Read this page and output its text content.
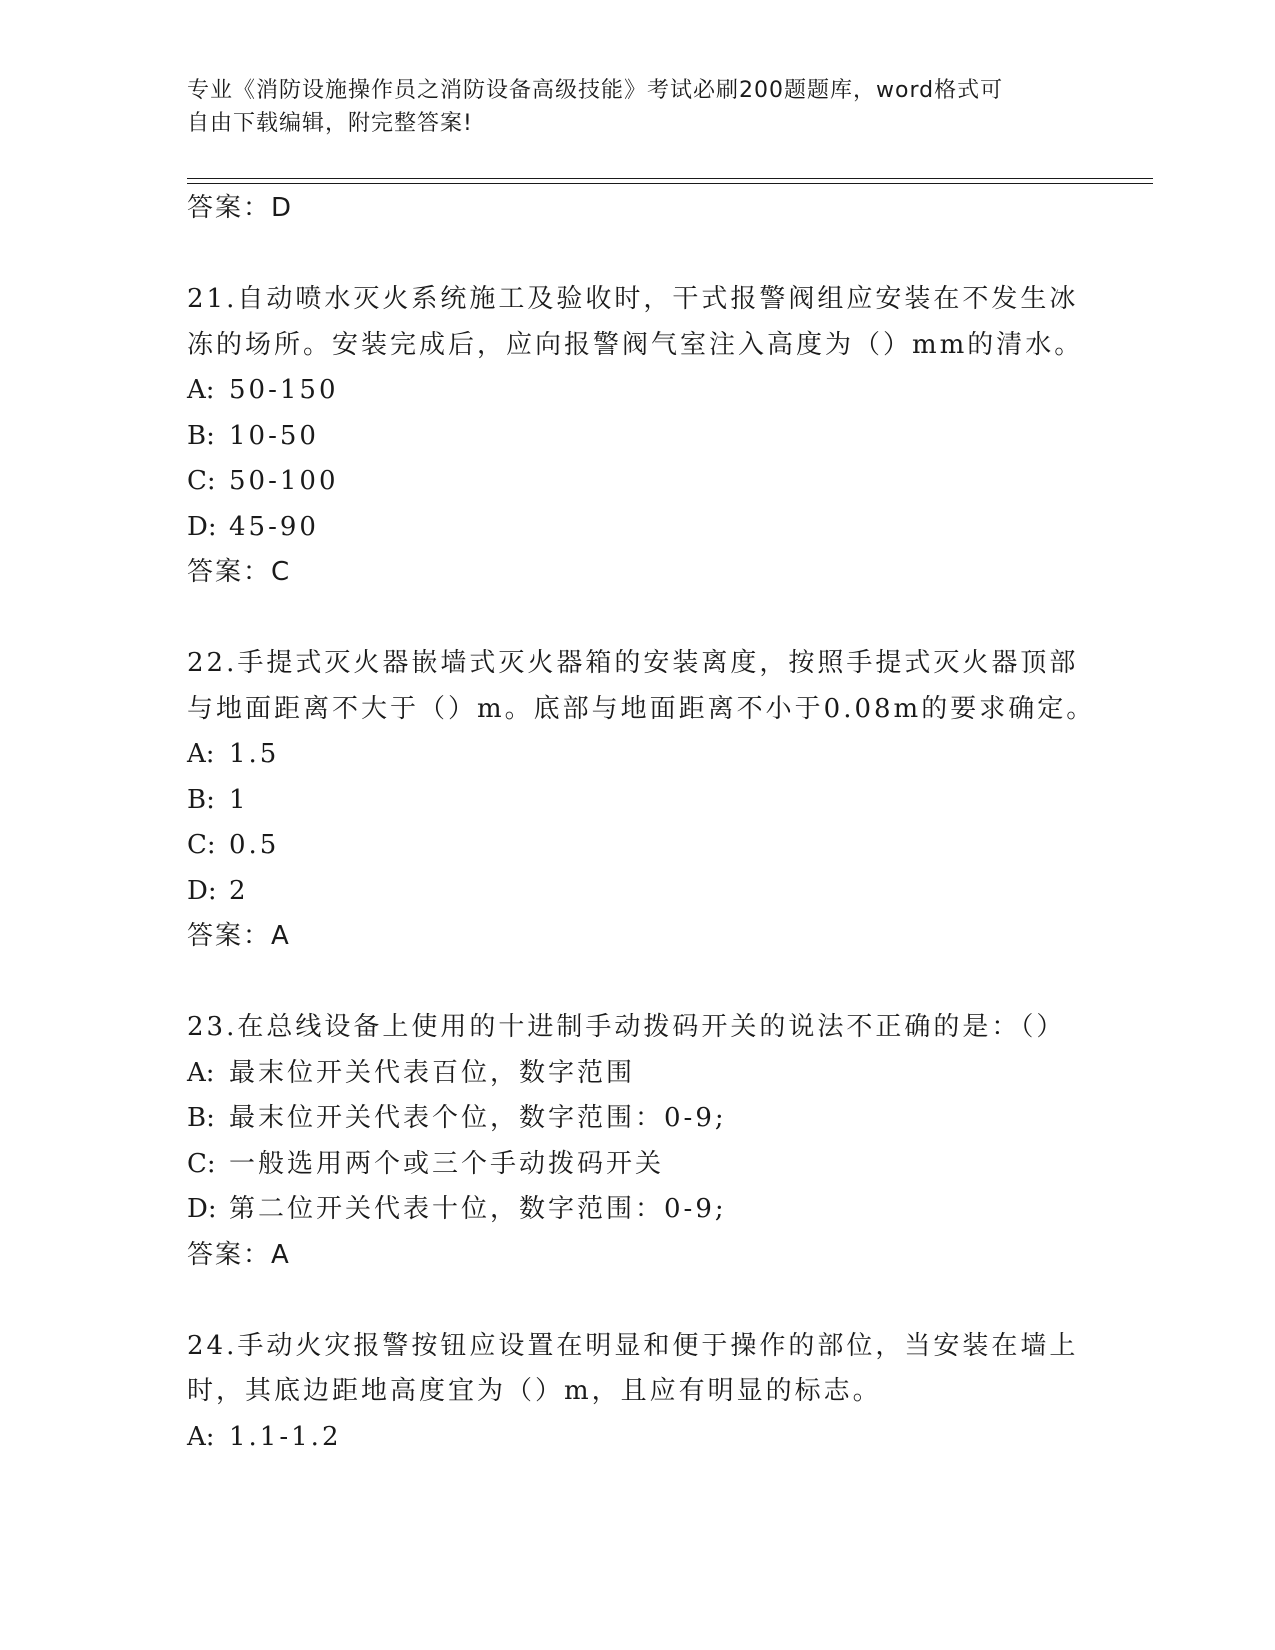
专业《消防设施操作员之消防设备高级技能》考试必刷200题题库，word格式可
自由下载编辑，附完整答案!
答案：D
21.自动喷水灭火系统施工及验收时，干式报警阀组应安装在不发生冰
冻的场所。安装完成后，应向报警阀气室注入高度为（）mm的清水。
A: 50-150
B: 10-50
C: 50-100
D: 45-90
答案：C
22.手提式灭火器嵌墙式灭火器箱的安装离度，按照手提式灭火器顶部
与地面距离不大于（）m。底部与地面距离不小于0.08m的要求确定。
A: 1.5
B: 1
C: 0.5
D: 2
答案：A
23.在总线设备上使用的十进制手动拨码开关的说法不正确的是：（）
A: 最末位开关代表百位，数字范围
B: 最末位开关代表个位，数字范围：0-9;
C: 一般选用两个或三个手动拨码开关
D: 第二位开关代表十位，数字范围：0-9;
答案：A
24.手动火灾报警按钮应设置在明显和便于操作的部位，当安装在墙上
时，其底边距地高度宜为（）m，且应有明显的标志。
A: 1.1-1.2
